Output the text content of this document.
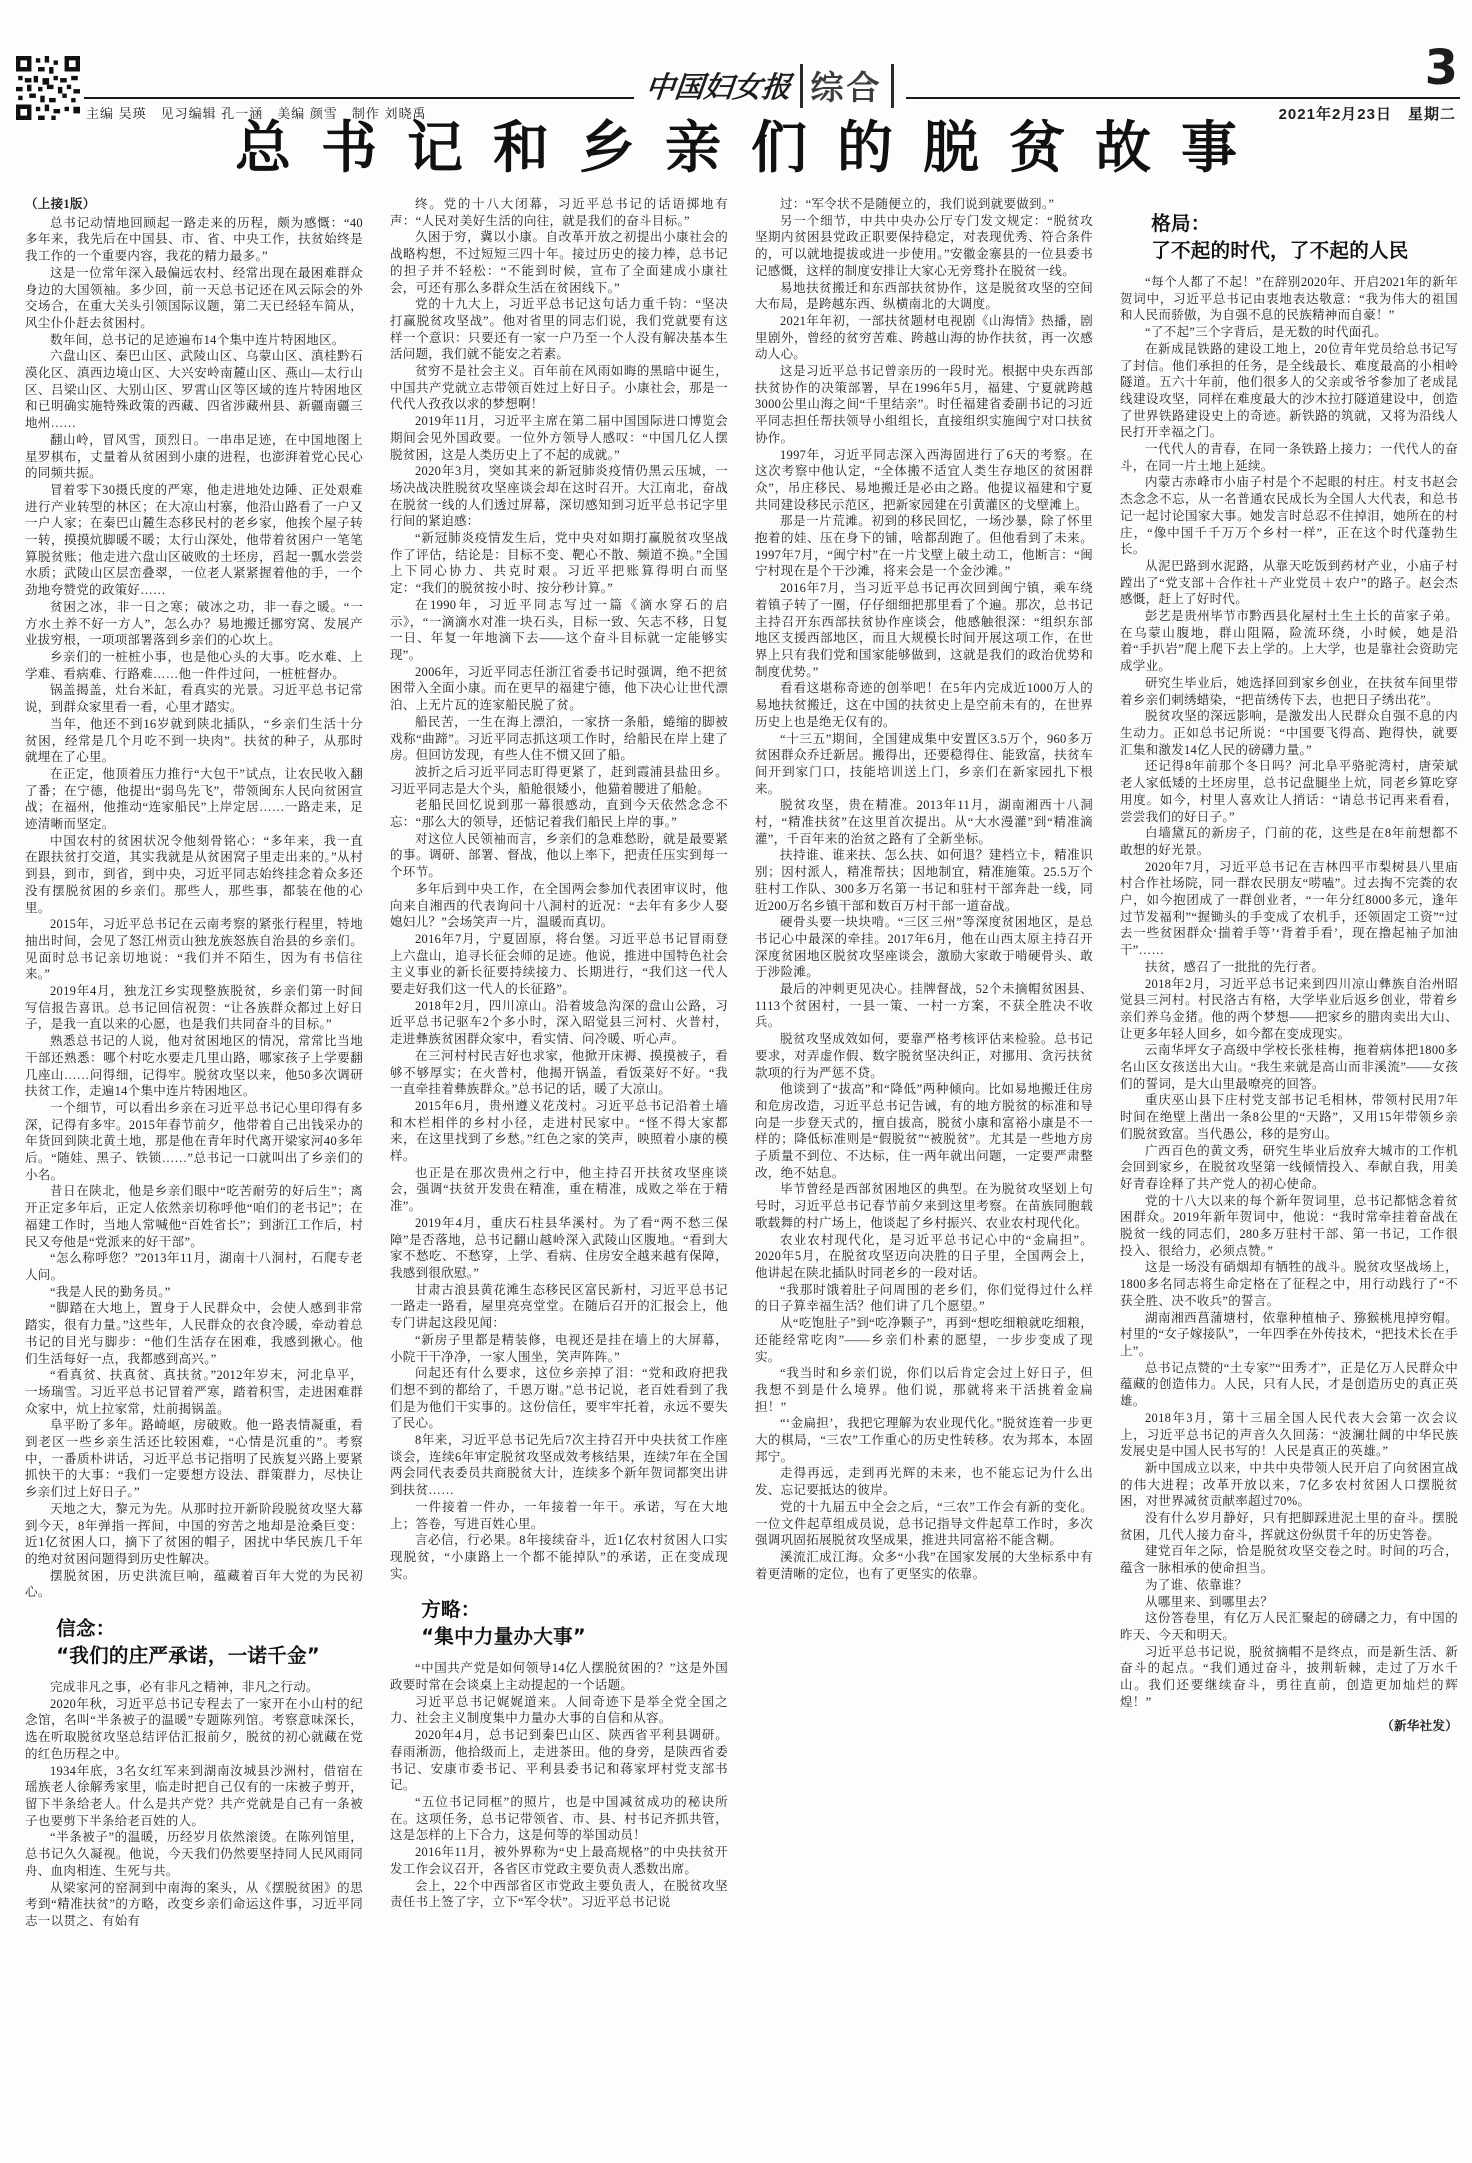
主编 吴瑛　见习编辑 孔一涵　美编 颜雪　制作 刘晓禹
中国妇女报 综合	3
2021年2月23日　星期二
总书记和乡亲们的脱贫故事

（上接1版）

总书记动情地回顾起一路走来的历程，颇为感慨：“40多年来，我先后在中国县、市、省、中央工作，扶贫始终是我工作的一个重要内容，我花的精力最多。”

这是一位常年深入最偏远农村、经常出现在最困难群众身边的大国领袖。多少回，前一天总书记还在风云际会的外交场合，在重大关头引领国际议题，第二天已经轻车简从，风尘仆仆赶去贫困村。

数年间，总书记的足迹遍布14个集中连片特困地区。

六盘山区、秦巴山区、武陵山区、乌蒙山区、滇桂黔石漠化区、滇西边境山区、大兴安岭南麓山区、燕山—太行山区、吕梁山区、大别山区、罗霄山区等区域的连片特困地区和已明确实施特殊政策的西藏、四省涉藏州县、新疆南疆三地州……

翻山岭，冒风雪，顶烈日。一串串足迹，在中国地图上星罗棋布，丈量着从贫困到小康的进程，也澎湃着党心民心的同频共振。

冒着零下30摄氏度的严寒，他走进地处边陲、正处艰难进行产业转型的林区；在大凉山村寨，他沿山路看了一户又一户人家；在秦巴山麓生态移民村的老乡家，他挨个屋子转一转，摸摸炕脚暖不暖；太行山深处，他带着贫困户一笔笔算脱贫账；他走进六盘山区破败的土坯房，舀起一瓢水尝尝水质；武陵山区层峦叠翠，一位老人紧紧握着他的手，一个劲地夸赞党的政策好……

贫困之冰，非一日之寒；破冰之功，非一春之暖。“一方水土养不好一方人”，怎么办？易地搬迁挪穷窝、发展产业拔穷根，一项项部署落到乡亲们的心坎上。

乡亲们的一桩桩小事，也是他心头的大事。吃水难、上学难、看病难、行路难……他一件件过问，一桩桩督办。

锅盖揭盖，灶台米缸，看真实的光景。习近平总书记常说，到群众家里看一看，心里才踏实。

当年，他还不到16岁就到陕北插队，“乡亲们生活十分贫困，经常是几个月吃不到一块肉”。扶贫的种子，从那时就埋在了心里。

在正定，他顶着压力推行“大包干”试点，让农民收入翻了番；在宁德，他提出“弱鸟先飞”，带领闽东人民向贫困宣战；在福州，他推动“连家船民”上岸定居……一路走来，足迹清晰而坚定。

中国农村的贫困状况令他刻骨铭心：“多年来，我一直在跟扶贫打交道，其实我就是从贫困窝子里走出来的。”从村到县，到市，到省，到中央，习近平同志始终挂念着众多还没有摆脱贫困的乡亲们。那些人，那些事，都装在他的心里。

2015年，习近平总书记在云南考察的紧张行程里，特地抽出时间，会见了怒江州贡山独龙族怒族自治县的乡亲们。见面时总书记亲切地说：“我们并不陌生，因为有书信往来。”

2019年4月，独龙江乡实现整族脱贫，乡亲们第一时间写信报告喜讯。总书记回信祝贺：“让各族群众都过上好日子，是我一直以来的心愿，也是我们共同奋斗的目标。”

熟悉总书记的人说，他对贫困地区的情况，常常比当地干部还熟悉：哪个村吃水要走几里山路，哪家孩子上学要翻几座山……问得细，记得牢。脱贫攻坚以来，他50多次调研扶贫工作，走遍14个集中连片特困地区。

一个细节，可以看出乡亲在习近平总书记心里印得有多深，记得有多牢。2015年春节前夕，他带着自己出钱采办的年货回到陕北黄土地，那是他在青年时代离开梁家河40多年后。“随娃、黑子、铁锁……”总书记一口就叫出了乡亲们的小名。

昔日在陕北，他是乡亲们眼中“吃苦耐劳的好后生”；离开正定多年后，正定人依然亲切称呼他“咱们的老书记”；在福建工作时，当地人常喊他“百姓省长”；到浙江工作后，村民又夸他是“党派来的好干部”。

“怎么称呼您？”2013年11月，湖南十八洞村，石爬专老人问。

“我是人民的勤务员。”

“脚踏在大地上，置身于人民群众中，会使人感到非常踏实，很有力量。”这些年，人民群众的衣食冷暖，牵动着总书记的目光与脚步：“他们生活存在困难，我感到揪心。他们生活每好一点，我都感到高兴。”

“看真贫、扶真贫、真扶贫。”2012年岁末，河北阜平，一场瑞雪。习近平总书记冒着严寒，踏着积雪，走进困难群众家中，炕上拉家常，灶前揭锅盖。

阜平盼了多年。路崎岖，房破败。他一路表情凝重，看到老区一些乡亲生活还比较困难，“心情是沉重的”。考察中，一番质朴讲话，习近平总书记指明了民族复兴路上要紧抓快干的大事：“我们一定要想方设法、群策群力，尽快让乡亲们过上好日子。”

天地之大，黎元为先。从那时拉开新阶段脱贫攻坚大幕到今天，8年弹指一挥间，中国的穷苦之地却是沧桑巨变：近1亿贫困人口，摘下了贫困的帽子，困扰中华民族几千年的绝对贫困问题得到历史性解决。

摆脱贫困，历史洪流巨响，蕴藏着百年大党的为民初心。

信念：
“我们的庄严承诺，一诺千金”

完成非凡之事，必有非凡之精神，非凡之行动。

2020年秋，习近平总书记专程去了一家开在小山村的纪念馆，名叫“半条被子的温暖”专题陈列馆。考察意味深长，选在听取脱贫攻坚总结评估汇报前夕，脱贫的初心就藏在党的红色历程之中。

1934年底，3名女红军来到湖南汝城县沙洲村，借宿在瑶族老人徐解秀家里，临走时把自己仅有的一床被子剪开，留下半条给老人。什么是共产党？共产党就是自己有一条被子也要剪下半条给老百姓的人。

“半条被子”的温暖，历经岁月依然滚烫。在陈列馆里，总书记久久凝视。他说，今天我们仍然要坚持同人民风雨同舟、血肉相连、生死与共。

从梁家河的窑洞到中南海的案头，从《摆脱贫困》的思考到“精准扶贫”的方略，改变乡亲们命运这件事，习近平同志一以贯之、有始有

终。党的十八大闭幕，习近平总书记的话语掷地有声：“人民对美好生活的向往，就是我们的奋斗目标。”

久困于穷，冀以小康。自改革开放之初提出小康社会的战略构想，不过短短三四十年。接过历史的接力棒，总书记的担子并不轻松：“不能到时候，宣布了全面建成小康社会，可还有那么多群众生活在贫困线下。”

党的十九大上，习近平总书记这句话力重千钧：“坚决打赢脱贫攻坚战”。他对省里的同志们说，我们党就要有这样一个意识：只要还有一家一户乃至一个人没有解决基本生活问题，我们就不能安之若素。

贫穷不是社会主义。百年前在风雨如晦的黑暗中诞生，中国共产党就立志带领百姓过上好日子。小康社会，那是一代代人孜孜以求的梦想啊！

2019年11月，习近平主席在第二届中国国际进口博览会期间会见外国政要。一位外方领导人感叹：“中国几亿人摆脱贫困，这是人类历史上了不起的成就。”

2020年3月，突如其来的新冠肺炎疫情仍黑云压城，一场决战决胜脱贫攻坚座谈会却在这时召开。大江南北，奋战在脱贫一线的人们透过屏幕，深切感知到习近平总书记字里行间的紧迫感：

“新冠肺炎疫情发生后，党中央对如期打赢脱贫攻坚战作了评估，结论是：目标不变、靶心不散、频道不换。”全国上下同心协力、共克时艰。习近平把账算得明白而坚定：“我们的脱贫按小时、按分秒计算。”

在1990年，习近平同志写过一篇《滴水穿石的启示》，“一滴滴水对准一块石头，目标一致、矢志不移，日复一日、年复一年地滴下去——这个奋斗目标就一定能够实现”。

2006年，习近平同志任浙江省委书记时强调，绝不把贫困带入全面小康。而在更早的福建宁德，他下决心让世代漂泊、上无片瓦的连家船民脱了贫。

船民苦，一生在海上漂泊，一家挤一条船，蜷缩的脚被戏称“曲蹄”。习近平同志抓这项工作时，给船民在岸上建了房。但回访发现，有些人住不惯又回了船。

波折之后习近平同志盯得更紧了，赶到霞浦县盐田乡。习近平同志是大个头，船舱很矮小，他猫着腰进了船舱。

老船民回忆说到那一幕很感动，直到今天依然念念不忘：“那么大的领导，还惦记着我们船民上岸的事。”

对这位人民领袖而言，乡亲们的急难愁盼，就是最要紧的事。调研、部署、督战，他以上率下，把责任压实到每一个环节。

多年后到中央工作，在全国两会参加代表团审议时，他向来自湘西的代表询问十八洞村的近况：“去年有多少人娶媳妇儿？”会场笑声一片，温暖而真切。

2016年7月，宁夏固原，将台堡。习近平总书记冒雨登上六盘山，追寻长征会师的足迹。他说，推进中国特色社会主义事业的新长征要持续接力、长期进行，“我们这一代人要走好我们这一代人的长征路”。

2018年2月，四川凉山。沿着坡急沟深的盘山公路，习近平总书记驱车2个多小时，深入昭觉县三河村、火普村，走进彝族贫困群众家中，看实情、问冷暖、听心声。

在三河村村民吉好也求家，他掀开床褥、摸摸被子，看够不够厚实；在火普村，他揭开锅盖，看饭菜好不好。“我一直牵挂着彝族群众。”总书记的话，暖了大凉山。

2015年6月，贵州遵义花茂村。习近平总书记沿着土墙和木栏相伴的乡村小径，走进村民家中。“怪不得大家都来，在这里找到了乡愁。”红色之家的笑声，映照着小康的模样。

也正是在那次贵州之行中，他主持召开扶贫攻坚座谈会，强调“扶贫开发贵在精准，重在精准，成败之举在于精准”。

2019年4月，重庆石柱县华溪村。为了看“两不愁三保障”是否落地，总书记翻山越岭深入武陵山区腹地。“看到大家不愁吃、不愁穿，上学、看病、住房安全越来越有保障，我感到很欣慰。”

甘肃古浪县黄花滩生态移民区富民新村，习近平总书记一路走一路看，屋里亮亮堂堂。在随后召开的汇报会上，他专门讲起这段见闻：

“新房子里都是精装修，电视还是挂在墙上的大屏幕，小院干干净净，一家人围坐，笑声阵阵。”

问起还有什么要求，这位乡亲掉了泪：“党和政府把我们想不到的都给了，千恩万谢。”总书记说，老百姓看到了我们是为他们干实事的。这份信任，要牢牢托着，永远不要失了民心。

8年来，习近平总书记先后7次主持召开中央扶贫工作座谈会，连续6年审定脱贫攻坚成效考核结果，连续7年在全国两会同代表委员共商脱贫大计，连续多个新年贺词都突出讲到扶贫……

一件接着一件办，一年接着一年干。承诺，写在大地上；答卷，写进百姓心里。

言必信，行必果。8年接续奋斗，近1亿农村贫困人口实现脱贫，“小康路上一个都不能掉队”的承诺，正在变成现实。

方略：
“集中力量办大事”

“中国共产党是如何领导14亿人摆脱贫困的？”这是外国政要时常在会谈桌上主动提起的一个话题。

习近平总书记娓娓道来。人间奇迹下是举全党全国之力、社会主义制度集中力量办大事的自信和从容。

2020年4月，总书记到秦巴山区、陕西省平利县调研。春雨淅沥，他拾级而上，走进茶田。他的身旁，是陕西省委书记、安康市委书记、平利县委书记和蒋家坪村党支部书记。

“五位书记同框”的照片，也是中国减贫成功的秘诀所在。这项任务，总书记带领省、市、县、村书记齐抓共管，这是怎样的上下合力，这是何等的举国动员！

2016年11月，被外界称为“史上最高规格”的中央扶贫开发工作会议召开，各省区市党政主要负责人悉数出席。

会上，22个中西部省区市党政主要负责人，在脱贫攻坚责任书上签了字，立下“军令状”。习近平总书记说

过：“军令状不是随便立的，我们说到就要做到。”

另一个细节，中共中央办公厅专门发文规定：“脱贫攻坚期内贫困县党政正职要保持稳定，对表现优秀、符合条件的，可以就地提拔或进一步使用。”安徽金寨县的一位县委书记感慨，这样的制度安排让大家心无旁骛扑在脱贫一线。

易地扶贫搬迁和东西部扶贫协作，这是脱贫攻坚的空间大布局，是跨越东西、纵横南北的大调度。

2021年年初，一部扶贫题材电视剧《山海情》热播，剧里剧外，曾经的贫穷苦难、跨越山海的协作扶贫，再一次感动人心。

这是习近平总书记曾亲历的一段时光。根据中央东西部扶贫协作的决策部署，早在1996年5月，福建、宁夏就跨越3000公里山海之间“千里结亲”。时任福建省委副书记的习近平同志担任帮扶领导小组组长，直接组织实施闽宁对口扶贫协作。

1997年，习近平同志深入西海固进行了6天的考察。在这次考察中他认定，“全体搬不适宜人类生存地区的贫困群众”，吊庄移民、易地搬迁是必由之路。他提议福建和宁夏共同建设移民示范区，把新家园建在引黄灌区的戈壁滩上。

那是一片荒滩。初到的移民回忆，一场沙暴，除了怀里抱着的娃、压在身下的铺，啥都刮跑了。但他看到了未来。1997年7月，“闽宁村”在一片戈壁上破土动工，他断言：“闽宁村现在是个干沙滩，将来会是一个金沙滩。”

2016年7月，当习近平总书记再次回到闽宁镇，乘车绕着镇子转了一圈，仔仔细细把那里看了个遍。那次，总书记主持召开东西部扶贫协作座谈会，他感触很深：“组织东部地区支援西部地区，而且大规模长时间开展这项工作，在世界上只有我们党和国家能够做到，这就是我们的政治优势和制度优势。”

看看这堪称奇迹的创举吧！在5年内完成近1000万人的易地扶贫搬迁，这在中国的扶贫史上是空前未有的，在世界历史上也是绝无仅有的。

“十三五”期间，全国建成集中安置区3.5万个，960多万贫困群众乔迁新居。搬得出，还要稳得住、能致富，扶贫车间开到家门口，技能培训送上门，乡亲们在新家园扎下根来。

脱贫攻坚，贵在精准。2013年11月，湖南湘西十八洞村，“精准扶贫”在这里首次提出。从“大水漫灌”到“精准滴灌”，千百年来的治贫之路有了全新坐标。

扶持谁、谁来扶、怎么扶、如何退？建档立卡，精准识别；因村派人，精准帮扶；因地制宜，精准施策。25.5万个驻村工作队、300多万名第一书记和驻村干部奔赴一线，同近200万名乡镇干部和数百万村干部一道奋战。

硬骨头要一块块啃。“三区三州”等深度贫困地区，是总书记心中最深的牵挂。2017年6月，他在山西太原主持召开深度贫困地区脱贫攻坚座谈会，激励大家敢于啃硬骨头、敢于涉险滩。

最后的冲刺更见决心。挂牌督战，52个未摘帽贫困县、1113个贫困村，一县一策、一村一方案，不获全胜决不收兵。

脱贫攻坚成效如何，要靠严格考核评估来检验。总书记要求，对弄虚作假、数字脱贫坚决纠正，对挪用、贪污扶贫款项的行为严惩不贷。

他谈到了“拔高”和“降低”两种倾向。比如易地搬迁住房和危房改造，习近平总书记告诫，有的地方脱贫的标准和导向是一步登天式的，擅自拔高，脱贫小康和富裕小康是不一样的；降低标准则是“假脱贫”“被脱贫”。尤其是一些地方房子质量不到位、不达标，住一两年就出问题，一定要严肃整改，绝不姑息。

毕节曾经是西部贫困地区的典型。在为脱贫攻坚划上句号时，习近平总书记春节前夕来到这里考察。在苗族同胞载歌载舞的村广场上，他谈起了乡村振兴、农业农村现代化。

农业农村现代化，是习近平总书记心中的“金扁担”。2020年5月，在脱贫攻坚迈向决胜的日子里，全国两会上，他讲起在陕北插队时同老乡的一段对话。

“我那时饿着肚子问周围的老乡们，你们觉得过什么样的日子算幸福生活？他们讲了几个愿望。”

从“吃饱肚子”到“吃净颗子”，再到“想吃细粮就吃细粮，还能经常吃肉”——乡亲们朴素的愿望，一步步变成了现实。

“我当时和乡亲们说，你们以后肯定会过上好日子，但我想不到是什么境界。他们说，那就将来干活挑着金扁担！”

“‘金扁担’，我把它理解为农业现代化。”脱贫连着一步更大的棋局，“三农”工作重心的历史性转移。农为邦本，本固邦宁。

走得再远，走到再光辉的未来，也不能忘记为什么出发、忘记要抵达的彼岸。

党的十九届五中全会之后，“三农”工作会有新的变化。一位文件起草组成员说，总书记指导文件起草工作时，多次强调巩固拓展脱贫攻坚成果，推进共同富裕不能含糊。

溪流汇成江海。众多“小我”在国家发展的大坐标系中有着更清晰的定位，也有了更坚实的依靠。

格局：
了不起的时代，了不起的人民

“每个人都了不起！”在辞别2020年、开启2021年的新年贺词中，习近平总书记由衷地表达敬意：“我为伟大的祖国和人民而骄傲，为自强不息的民族精神而自豪！”

“了不起”三个字背后，是无数的时代面孔。

在新成昆铁路的建设工地上，20位青年党员给总书记写了封信。他们承担的任务，是全线最长、难度最高的小相岭隧道。五六十年前，他们很多人的父亲或爷爷参加了老成昆线建设攻坚，同样在难度最大的沙木拉打隧道建设中，创造了世界铁路建设史上的奇迹。新铁路的筑就，又将为沿线人民打开幸福之门。

一代代人的青春，在同一条铁路上接力；一代代人的奋斗，在同一片土地上延续。

内蒙古赤峰市小庙子村是个不起眼的村庄。村支书赵会杰念念不忘，从一名普通农民成长为全国人大代表，和总书记一起讨论国家大事。她发言时总忍不住掉泪，她所在的村庄，“像中国千千万万个乡村一样”，正在这个时代蓬勃生长。

从泥巴路到水泥路，从靠天吃饭到药材产业，小庙子村蹚出了“党支部＋合作社＋产业党员＋农户”的路子。赵会杰感慨，赶上了好时代。

彭艺是贵州毕节市黔西县化屋村土生土长的苗家子弟。在乌蒙山腹地，群山阻隔，险流环绕，小时候，她是沿着“手扒岩”爬上爬下去上学的。上大学，也是靠社会资助完成学业。

研究生毕业后，她选择回到家乡创业，在扶贫车间里带着乡亲们刺绣蜡染，“把苗绣传下去，也把日子绣出花”。

脱贫攻坚的深远影响，是激发出人民群众自强不息的内生动力。正如总书记所说：“中国要飞得高、跑得快，就要汇集和激发14亿人民的磅礴力量。”

还记得8年前那个冬日吗？河北阜平骆驼湾村，唐荣斌老人家低矮的土坯房里，总书记盘腿坐上炕，同老乡算吃穿用度。如今，村里人喜欢让人捎话：“请总书记再来看看，尝尝我们的好日子。”

白墙黛瓦的新房子，门前的花，这些是在8年前想都不敢想的好光景。

2020年7月，习近平总书记在吉林四平市梨树县八里庙村合作社场院，同一群农民朋友“唠嗑”。过去掏不完粪的农户，如今抱团成了一群创业者，“一年分红8000多元，逢年过节发福利”“握锄头的手变成了农机手，还领固定工资”“过去一些贫困群众‘揣着手等’‘背着手看’，现在撸起袖子加油干”……

扶贫，感召了一批批的先行者。

2018年2月，习近平总书记来到四川凉山彝族自治州昭觉县三河村。村民洛古有格，大学毕业后返乡创业，带着乡亲们养乌金猪。他的两个梦想——把家乡的腊肉卖出大山、让更多年轻人回乡，如今都在变成现实。

云南华坪女子高级中学校长张桂梅，拖着病体把1800多名山区女孩送出大山。“我生来就是高山而非溪流”——女孩们的誓词，是大山里最嘹亮的回答。

重庆巫山县下庄村党支部书记毛相林，带领村民用7年时间在绝壁上凿出一条8公里的“天路”，又用15年带领乡亲们脱贫致富。当代愚公，移的是穷山。

广西百色的黄文秀，研究生毕业后放弃大城市的工作机会回到家乡，在脱贫攻坚第一线倾情投入、奉献自我，用美好青春诠释了共产党人的初心使命。

党的十八大以来的每个新年贺词里，总书记都惦念着贫困群众。2019年新年贺词中，他说：“我时常牵挂着奋战在脱贫一线的同志们，280多万驻村干部、第一书记，工作很投入、很给力，必须点赞。”

这是一场没有硝烟却有牺牲的战斗。脱贫攻坚战场上，1800多名同志将生命定格在了征程之中，用行动践行了“不获全胜、决不收兵”的誓言。

湖南湘西菖蒲塘村，依靠种植柚子、猕猴桃甩掉穷帽。村里的“女子嫁接队”，一年四季在外传技术，“把技术长在手上”。

总书记点赞的“土专家”“田秀才”，正是亿万人民群众中蕴藏的创造伟力。人民，只有人民，才是创造历史的真正英雄。

2018年3月，第十三届全国人民代表大会第一次会议上，习近平总书记的声音久久回荡：“波澜壮阔的中华民族发展史是中国人民书写的！人民是真正的英雄。”

新中国成立以来，中共中央带领人民开启了向贫困宣战的伟大进程；改革开放以来，7亿多农村贫困人口摆脱贫困，对世界减贫贡献率超过70%。

没有什么岁月静好，只有把脚踩进泥土里的奋斗。摆脱贫困，几代人接力奋斗，挥就这份纵贯千年的历史答卷。

建党百年之际，恰是脱贫攻坚交卷之时。时间的巧合，蕴含一脉相承的使命担当。

为了谁、依靠谁？

从哪里来、到哪里去？

这份答卷里，有亿万人民汇聚起的磅礴之力，有中国的昨天、今天和明天。

习近平总书记说，脱贫摘帽不是终点，而是新生活、新奋斗的起点。“我们通过奋斗，披荆斩棘，走过了万水千山。我们还要继续奋斗，勇往直前，创造更加灿烂的辉煌！”

（新华社发）
